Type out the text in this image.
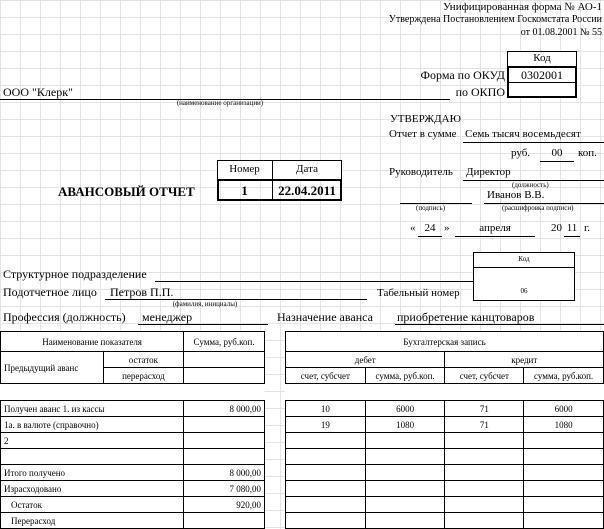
Унифицированная форма № АО-1
Утверждена Постановлением Госкомстата России
от 01.08.2001 № 55
Код
Форма по ОКУД	0302001
по ОКПО
ООО "Клерк"
(наименование организации)
УТВЕРЖДАЮ
Отчет в сумме Семь тысяч восемьдесят
руб.	00	коп.
Руководитель Директор
(должность)
Иванов В.В.
(подпись)	(расшифровка подписи)
« 24 »	апреля	20 11 г.
АВАНСОВЫЙ ОТЧЕТ
Номер	Дата
1	22.04.2011
Код
06
Структурное подразделение
Подотчетное лицо Петров П.П.
(фамилия, инициалы)
Табельный номер
Профессия (должность) менеджер	Назначение аванса приобретение канцтоваров
Наименование показателя		Сумма, руб.коп.
Предыдущий аванс	остаток	
	перерасход	

Получен аванс 1. из кассы		8 000,00
1а. в валюте (справочно)		
2		

Итого получено		8 000,00
Израсходовано		7 080,00
Остаток		920,00
Перерасход		
Бухгалтерская запись			
дебет		кредит	
счет, субсчет	сумма, руб.коп.	счет, субсчет	сумма, руб.коп.

10	6000	71	6000
19	1080	71	1080
